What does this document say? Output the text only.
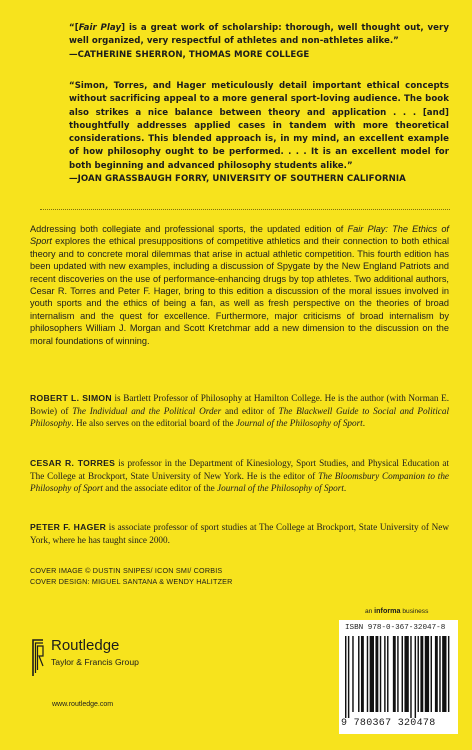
“[Fair Play] is a great work of scholarship: thorough, well thought out, very well organized, very respectful of athletes and non-athletes alike.”
—CATHERINE SHERRON, THOMAS MORE COLLEGE

“Simon, Torres, and Hager meticulously detail important ethical concepts without sacrificing appeal to a more general sport-loving audience. The book also strikes a nice balance between theory and application . . . [and] thoughtfully addresses applied cases in tandem with more theoretical considerations. This blended approach is, in my mind, an excellent example of how philosophy ought to be performed. . . . It is an excellent model for both beginning and advanced philosophy students alike.”
—JOAN GRASSBAUGH FORRY, UNIVERSITY OF SOUTHERN CALIFORNIA

Addressing both collegiate and professional sports, the updated edition of Fair Play: The Ethics of Sport explores the ethical presuppositions of competitive athletics and their connection to both ethical theory and to concrete moral dilemmas that arise in actual athletic competition. This fourth edition has been updated with new examples, including a discussion of Spygate by the New England Patriots and recent discoveries on the use of performance-enhancing drugs by top athletes. Two additional authors, Cesar R. Torres and Peter F. Hager, bring to this edition a discussion of the moral issues involved in youth sports and the ethics of being a fan, as well as fresh perspective on the theories of broad internalism and the quest for excellence. Furthermore, major criticisms of broad internalism by philosophers William J. Morgan and Scott Kretchmar add a new dimension to the discussion on the moral foundations of winning.

ROBERT L. SIMON is Bartlett Professor of Philosophy at Hamilton College. He is the author (with Norman E. Bowie) of The Individual and the Political Order and editor of The Blackwell Guide to Social and Political Philosophy. He also serves on the editorial board of the Journal of the Philosophy of Sport.

CESAR R. TORRES is professor in the Department of Kinesiology, Sport Studies, and Physical Education at The College at Brockport, State University of New York. He is the editor of The Bloomsbury Companion to the Philosophy of Sport and the associate editor of the Journal of the Philosophy of Sport.

PETER F. HAGER is associate professor of sport studies at The College at Brockport, State University of New York, where he has taught since 2000.

COVER IMAGE © DUSTIN SNIPES/ ICON SMI/ CORBIS
COVER DESIGN: MIGUEL SANTANA & WENDY HALITZER
an informa business
Routledge
Taylor & Francis Group
www.routledge.com
ISBN 978-0-367-32047-8
9 780367 320478
